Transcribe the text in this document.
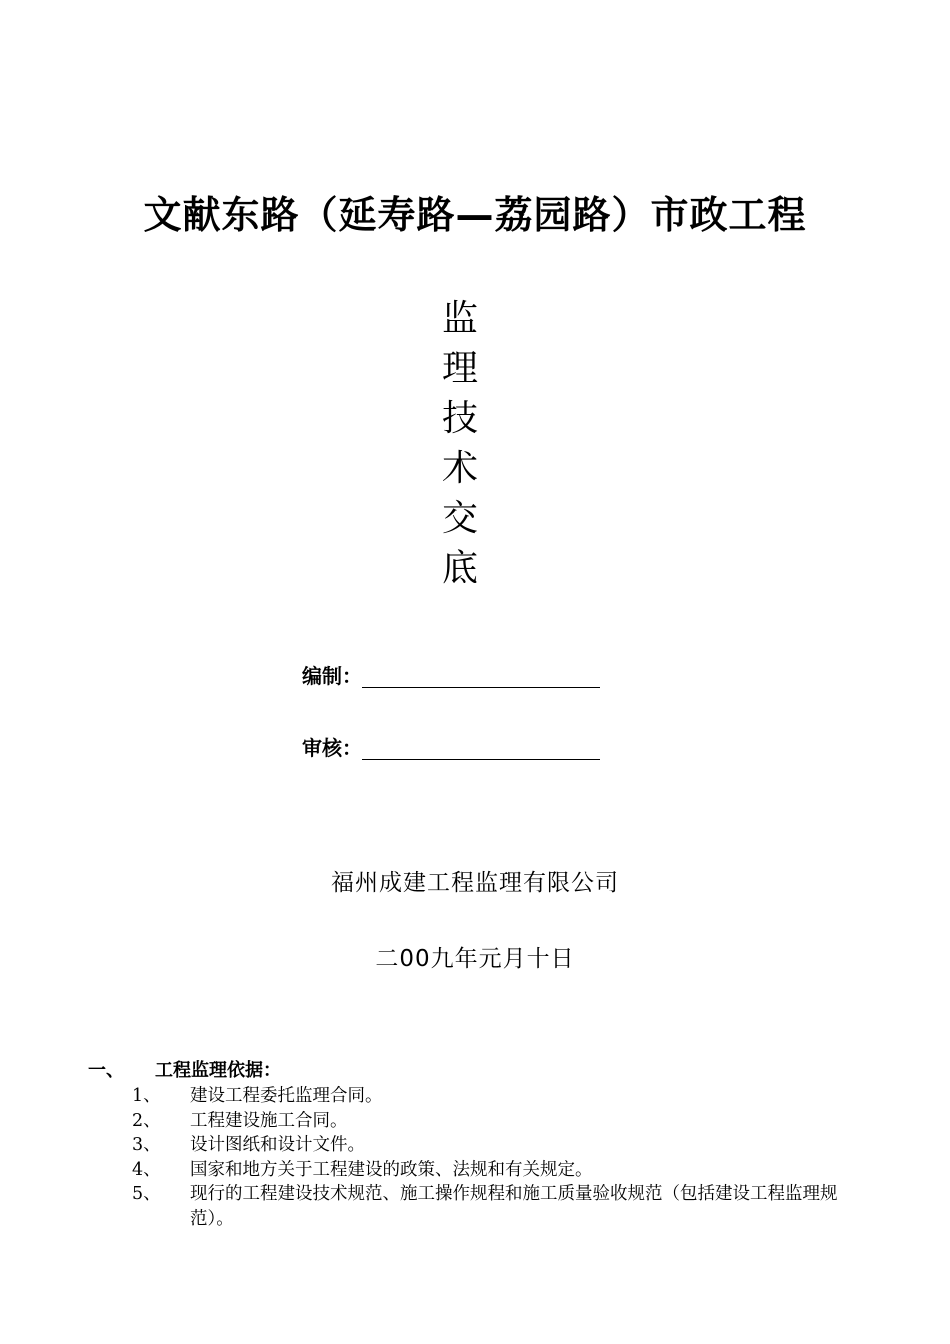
文献东路（延寿路—荔园路）市政工程
监
理
技
术
交
底
编制：
审核：
福州成建工程监理有限公司
二00九年元月十日
一、 工程监理依据：
1、	建设工程委托监理合同。
2、	工程建设施工合同。
3、	设计图纸和设计文件。
4、	国家和地方关于工程建设的政策、法规和有关规定。
5、	现行的工程建设技术规范、施工操作规程和施工质量验收规范（包括建设工程监理规范）。
